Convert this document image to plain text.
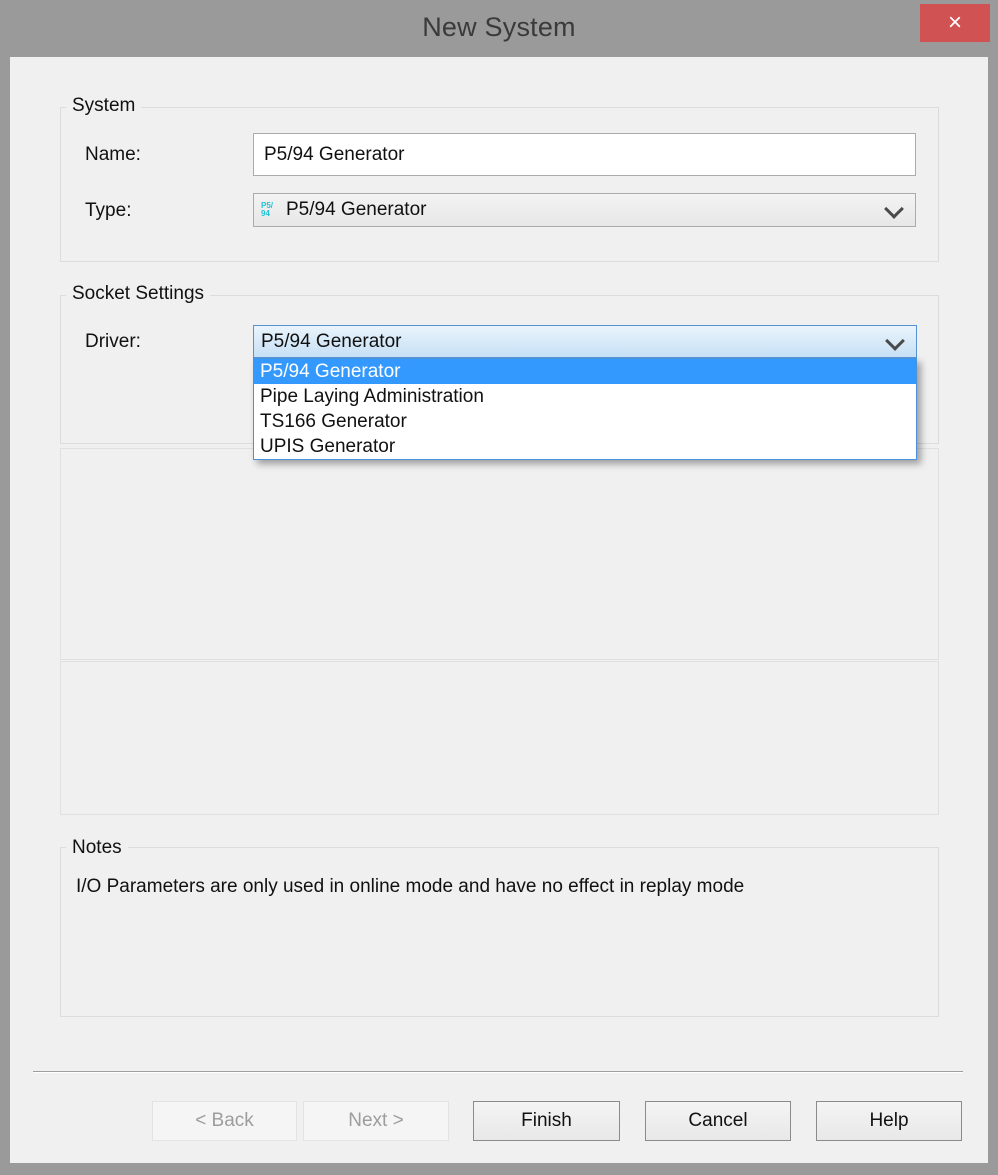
New System	×
System
Name:	P5/94 Generator
Type:	P5/
94 P5/94 Generator
Socket Settings
Driver:	P5/94 Generator
P5/94 Generator
Pipe Laying Administration
TS166 Generator
UPIS Generator
Notes
I/O Parameters are only used in online mode and have no effect in replay mode
< Back	Next >	Finish	Cancel	Help
